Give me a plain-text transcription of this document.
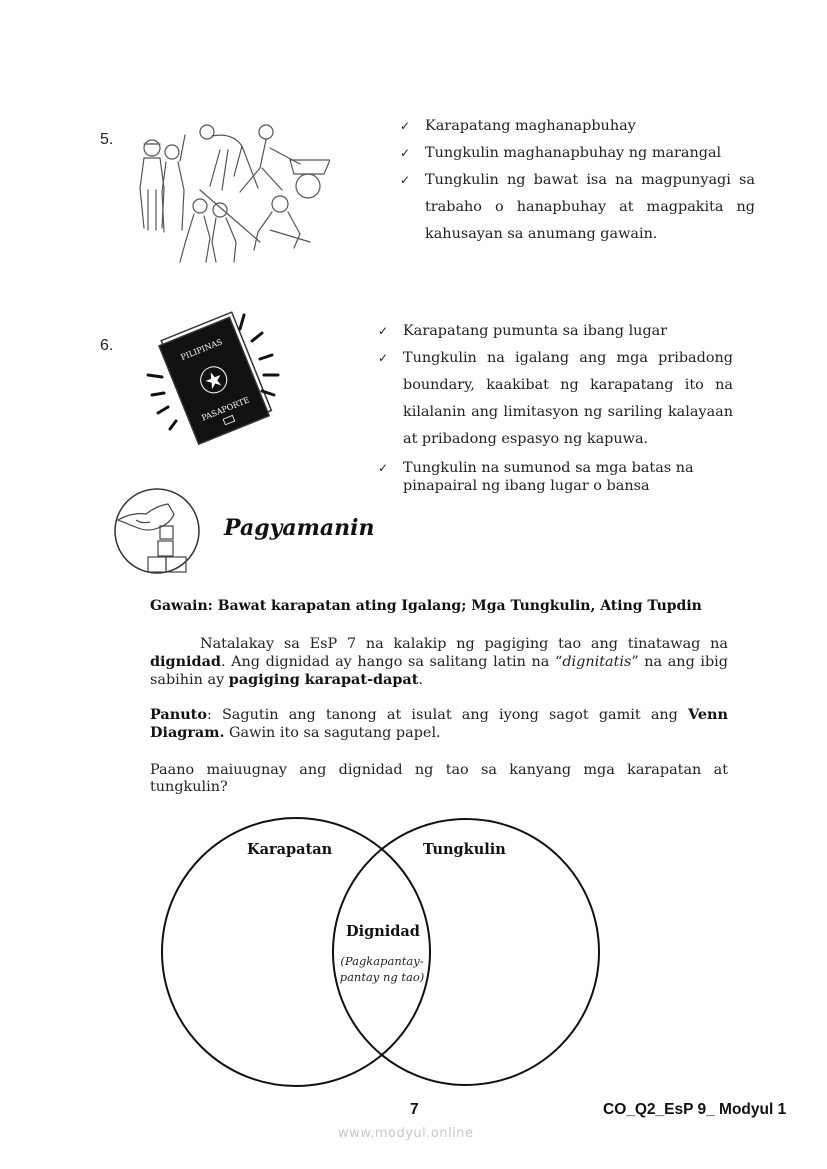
5.
✓ Karapatang maghanapbuhay
✓ Tungkulin maghanapbuhay ng marangal
✓ Tungkulin ng bawat isa na magpunyagi sa trabaho o hanapbuhay at magpakita ng kahusayan sa anumang gawain.
6.	PILIPINAS
PASAPORTE
✓ Karapatang pumunta sa ibang lugar
✓ Tungkulin na igalang ang mga pribadong boundary, kaakibat ng karapatang ito na kilalanin ang limitasyon ng sariling kalayaan at pribadong espasyo ng kapuwa.
✓ Tungkulin na sumunod sa mga batas na pinapairal ng ibang lugar o bansa
Pagyamanin
Gawain: Bawat karapatan ating Igalang; Mga Tungkulin, Ating Tupdin

Natalakay sa EsP 7 na kalakip ng pagiging tao ang tinatawag na dignidad. Ang dignidad ay hango sa salitang latin na “dignitatis” na ang ibig sabihin ay pagiging karapat-dapat.

Panuto: Sagutin ang tanong at isulat ang iyong sagot gamit ang Venn Diagram. Gawin ito sa sagutang papel.

Paano maiuugnay ang dignidad ng tao sa kanyang mga karapatan at tungkulin?

Karapatan	Tungkulin
Dignidad
(Pagkapantay-
pantay ng tao)
7	CO_Q2_EsP 9_ Modyul 1
www.modyul.online
